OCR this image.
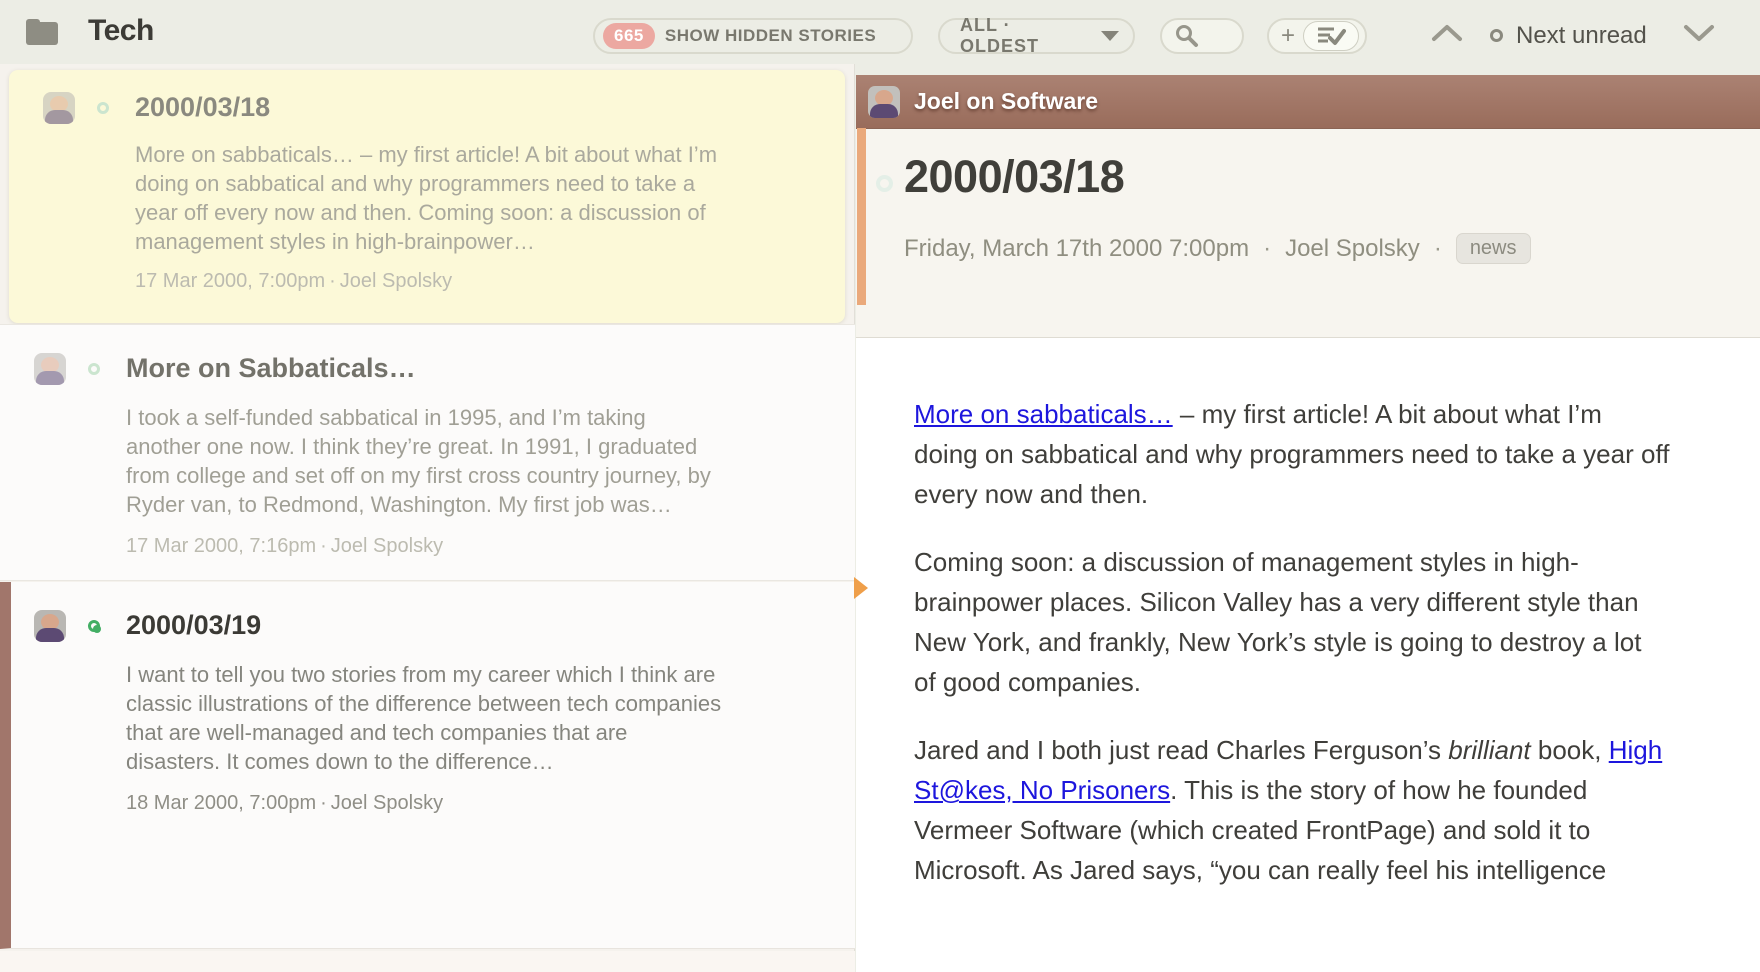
Tech	665	SHOW HIDDEN STORIES
ALL · OLDEST	+	Next unread
2000/03/18
More on sabbaticals… – my first article! A bit about what I’m doing on sabbatical and why programmers need to take a year off every now and then. Coming soon: a discussion of management styles in high-brainpower…
17 Mar 2000, 7:00pm · Joel Spolsky
More on Sabbaticals…
I took a self-funded sabbatical in 1995, and I’m taking another one now. I think they’re great. In 1991, I graduated from college and set off on my first cross country journey, by Ryder van, to Redmond, Washington. My first job was…
17 Mar 2000, 7:16pm · Joel Spolsky
2000/03/19
I want to tell you two stories from my career which I think are classic illustrations of the difference between tech companies that are well-managed and tech companies that are disasters. It comes down to the difference…
18 Mar 2000, 7:00pm · Joel Spolsky
Joel on Software
2000/03/18
Friday, March 17th 2000 7:00pm · Joel Spolsky ·	news

More on sabbaticals… – my first article! A bit about what I’m doing on sabbatical and why programmers need to take a year off every now and then.

Coming soon: a discussion of management styles in high-brainpower places. Silicon Valley has a very different style than New York, and frankly, New York’s style is going to destroy a lot of good companies.

Jared and I both just read Charles Ferguson’s brilliant book, High St@kes, No Prisoners. This is the story of how he founded Vermeer Software (which created FrontPage) and sold it to Microsoft. As Jared says, “you can really feel his intelligence
